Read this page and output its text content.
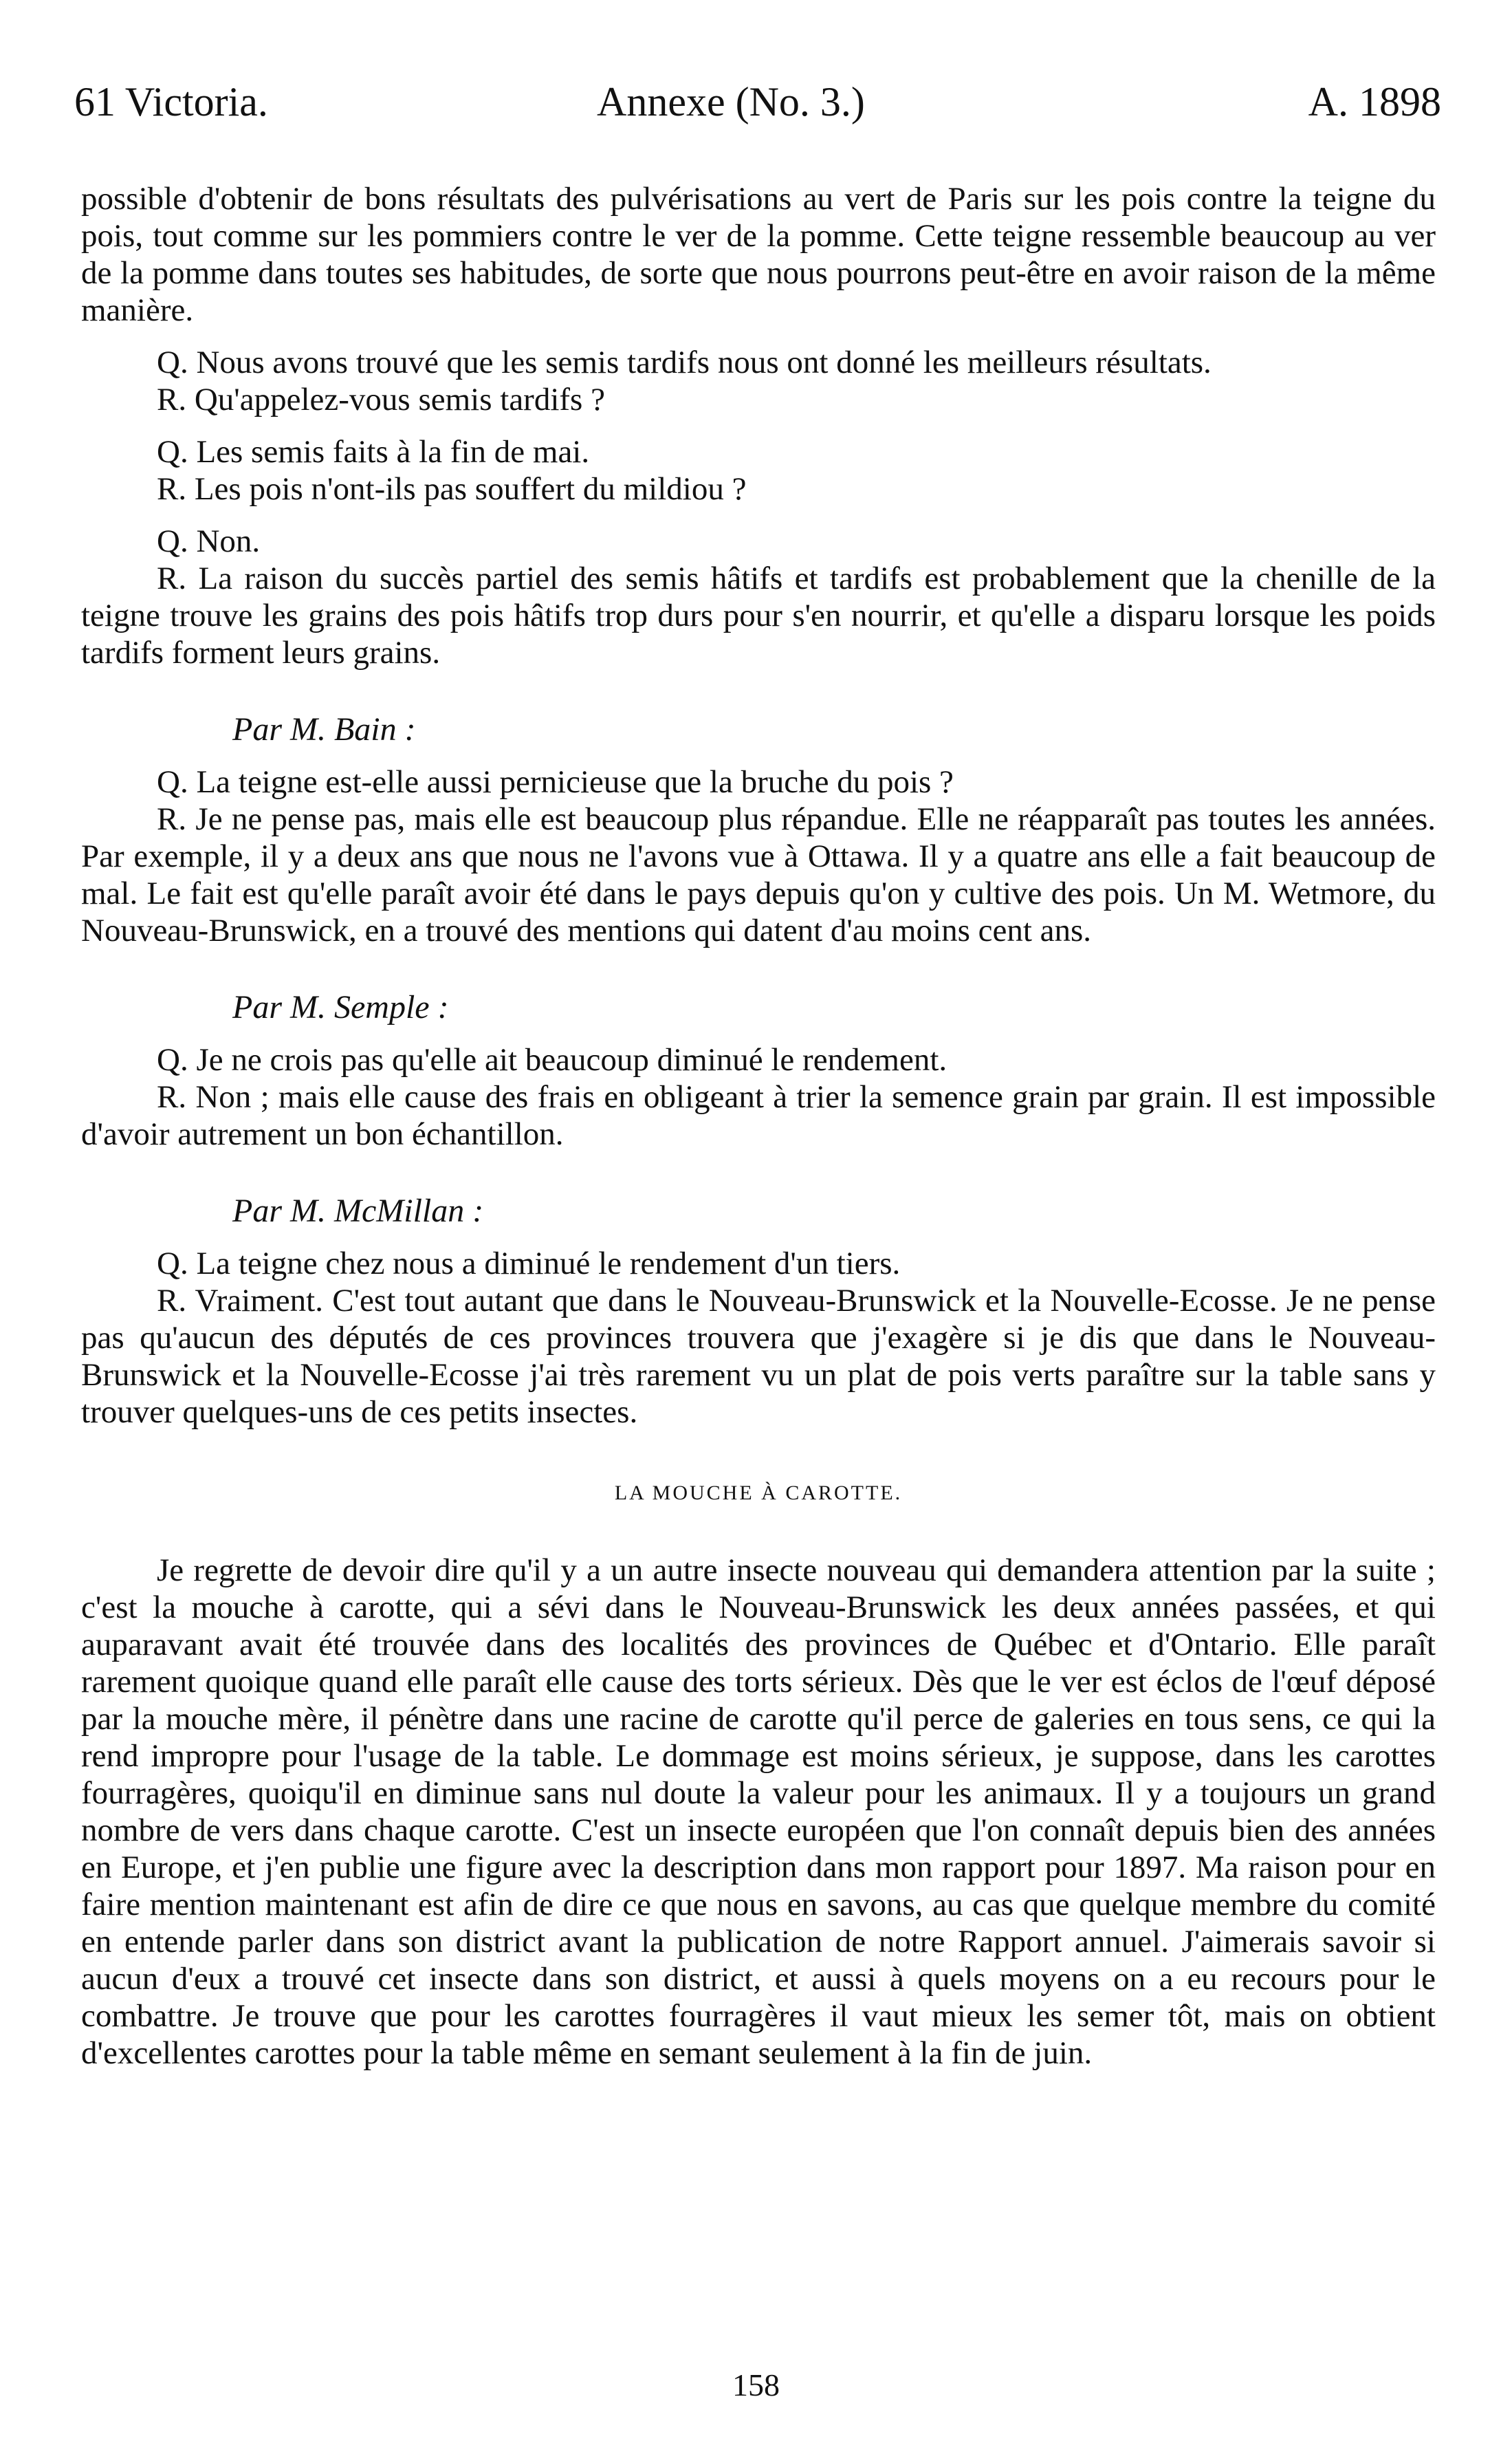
61 Victoria.	Annexe (No. 3.)	A. 1898

possible d'obtenir de bons résultats des pulvérisations au vert de Paris sur les pois contre la teigne du pois, tout comme sur les pommiers contre le ver de la pomme. Cette teigne ressemble beaucoup au ver de la pomme dans toutes ses habitudes, de sorte que nous pourrons peut-être en avoir raison de la même manière.

Q. Nous avons trouvé que les semis tardifs nous ont donné les meilleurs résultats.

R. Qu'appelez-vous semis tardifs ?

Q. Les semis faits à la fin de mai.

R. Les pois n'ont-ils pas souffert du mildiou ?

Q. Non.

R. La raison du succès partiel des semis hâtifs et tardifs est probablement que la chenille de la teigne trouve les grains des pois hâtifs trop durs pour s'en nourrir, et qu'elle a disparu lorsque les poids tardifs forment leurs grains.

Par M. Bain :

Q. La teigne est-elle aussi pernicieuse que la bruche du pois ?

R. Je ne pense pas, mais elle est beaucoup plus répandue. Elle ne réapparaît pas toutes les années. Par exemple, il y a deux ans que nous ne l'avons vue à Ottawa. Il y a quatre ans elle a fait beaucoup de mal. Le fait est qu'elle paraît avoir été dans le pays depuis qu'on y cultive des pois. Un M. Wetmore, du Nouveau-Brunswick, en a trouvé des mentions qui datent d'au moins cent ans.

Par M. Semple :

Q. Je ne crois pas qu'elle ait beaucoup diminué le rendement.

R. Non ; mais elle cause des frais en obligeant à trier la semence grain par grain. Il est impossible d'avoir autrement un bon échantillon.

Par M. McMillan :

Q. La teigne chez nous a diminué le rendement d'un tiers.

R. Vraiment. C'est tout autant que dans le Nouveau-Brunswick et la Nouvelle-Ecosse. Je ne pense pas qu'aucun des députés de ces provinces trouvera que j'exagère si je dis que dans le Nouveau-Brunswick et la Nouvelle-Ecosse j'ai très rarement vu un plat de pois verts paraître sur la table sans y trouver quelques-uns de ces petits insectes.

LA MOUCHE À CAROTTE.

Je regrette de devoir dire qu'il y a un autre insecte nouveau qui demandera attention par la suite ; c'est la mouche à carotte, qui a sévi dans le Nouveau-Brunswick les deux années passées, et qui auparavant avait été trouvée dans des localités des provinces de Québec et d'Ontario. Elle paraît rarement quoique quand elle paraît elle cause des torts sérieux. Dès que le ver est éclos de l'œuf déposé par la mouche mère, il pénètre dans une racine de carotte qu'il perce de galeries en tous sens, ce qui la rend impropre pour l'usage de la table. Le dommage est moins sérieux, je suppose, dans les carottes fourragères, quoiqu'il en diminue sans nul doute la valeur pour les animaux. Il y a toujours un grand nombre de vers dans chaque carotte. C'est un insecte européen que l'on connaît depuis bien des années en Europe, et j'en publie une figure avec la description dans mon rapport pour 1897. Ma raison pour en faire mention maintenant est afin de dire ce que nous en savons, au cas que quelque membre du comité en entende parler dans son district avant la publication de notre Rapport annuel. J'aimerais savoir si aucun d'eux a trouvé cet insecte dans son district, et aussi à quels moyens on a eu recours pour le combattre. Je trouve que pour les carottes fourragères il vaut mieux les semer tôt, mais on obtient d'excellentes carottes pour la table même en semant seulement à la fin de juin.

158
